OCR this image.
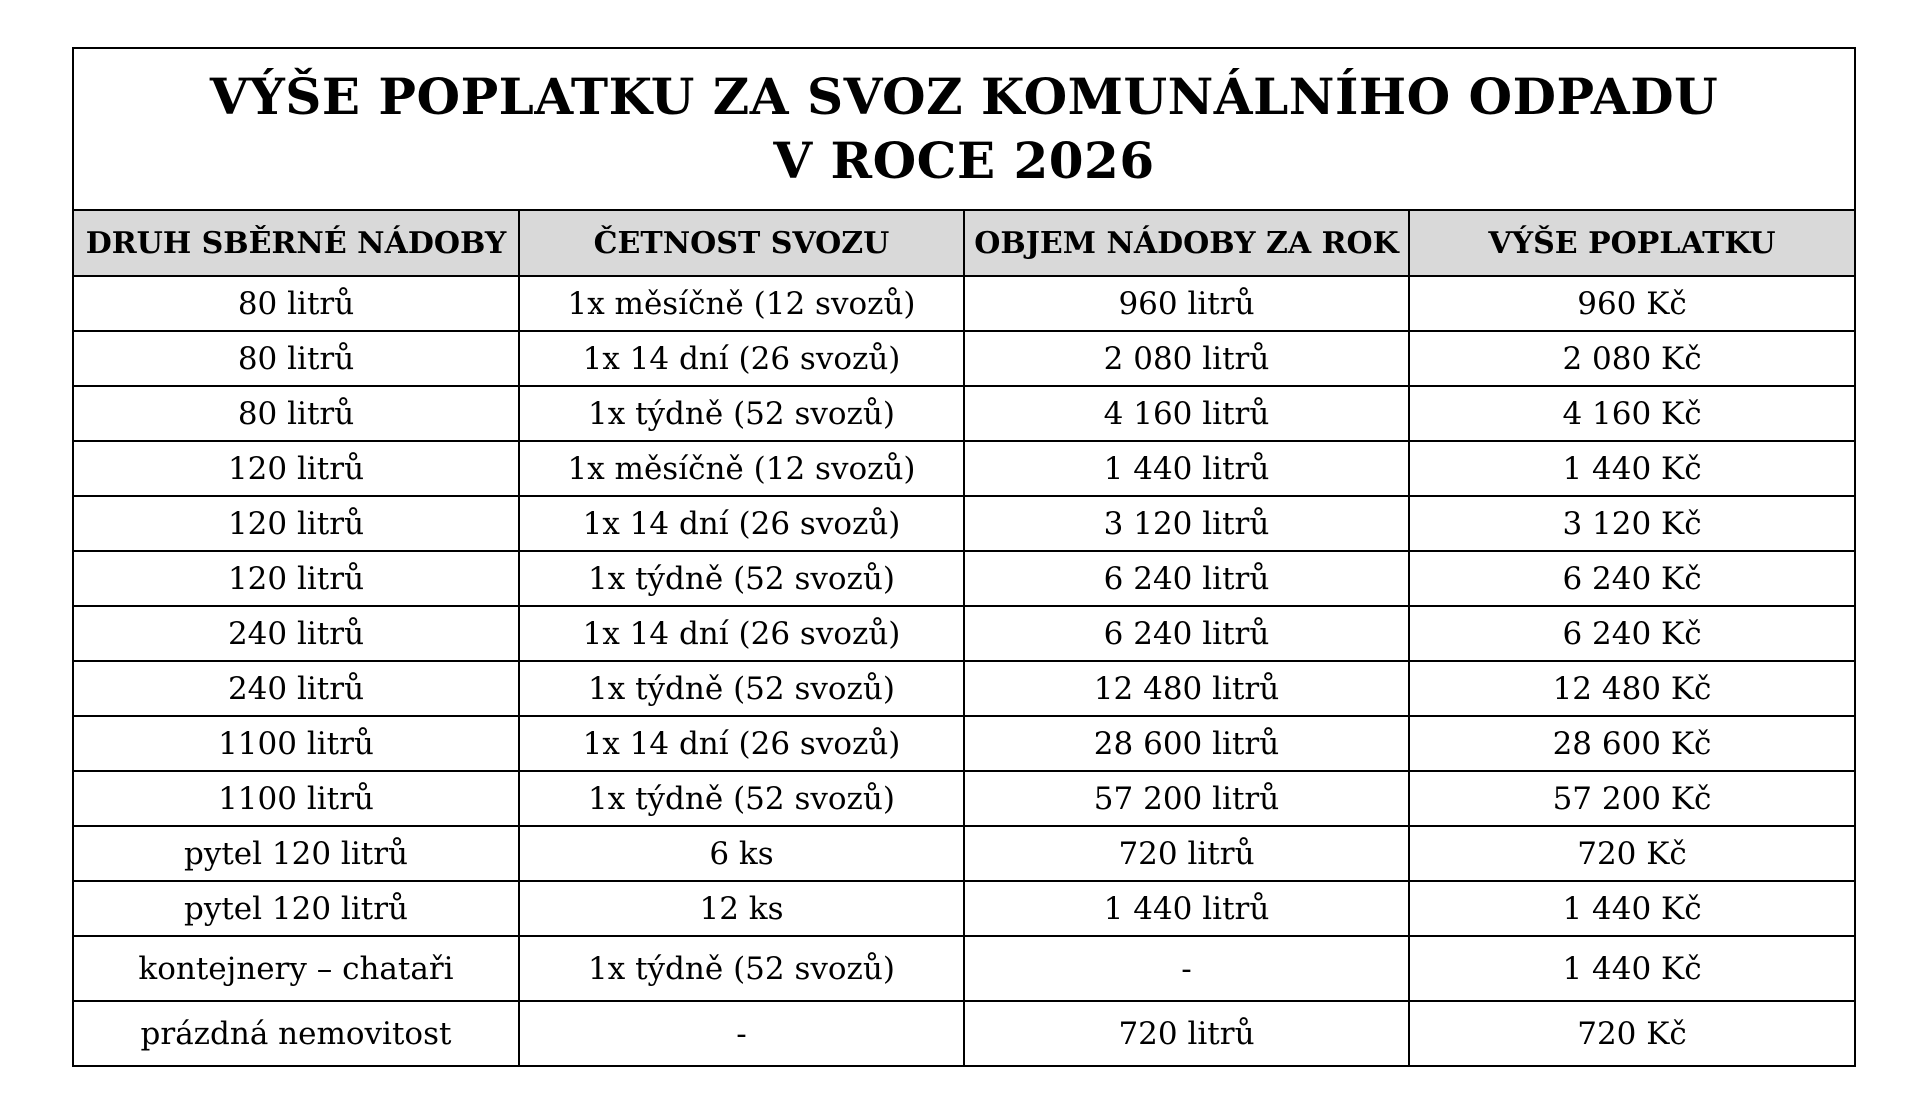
VÝŠE POPLATKU ZA SVOZ KOMUNÁLNÍHO ODPADU
V ROCE 2026
DRUH SBĚRNÉ NÁDOBY	ČETNOST SVOZU	OBJEM NÁDOBY ZA ROK	VÝŠE POPLATKU
80 litrů	1x měsíčně (12 svozů)	960 litrů	960 Kč
80 litrů	1x 14 dní (26 svozů)	2 080 litrů	2 080 Kč
80 litrů	1x týdně (52 svozů)	4 160 litrů	4 160 Kč
120 litrů	1x měsíčně (12 svozů)	1 440 litrů	1 440 Kč
120 litrů	1x 14 dní (26 svozů)	3 120 litrů	3 120 Kč
120 litrů	1x týdně (52 svozů)	6 240 litrů	6 240 Kč
240 litrů	1x 14 dní (26 svozů)	6 240 litrů	6 240 Kč
240 litrů	1x týdně (52 svozů)	12 480 litrů	12 480 Kč
1100 litrů	1x 14 dní (26 svozů)	28 600 litrů	28 600 Kč
1100 litrů	1x týdně (52 svozů)	57 200 litrů	57 200 Kč
pytel 120 litrů	6 ks	720 litrů	720 Kč
pytel 120 litrů	12 ks	1 440 litrů	1 440 Kč
kontejnery – chataři	1x týdně (52 svozů)	-	1 440 Kč
prázdná nemovitost	-	720 litrů	720 Kč
